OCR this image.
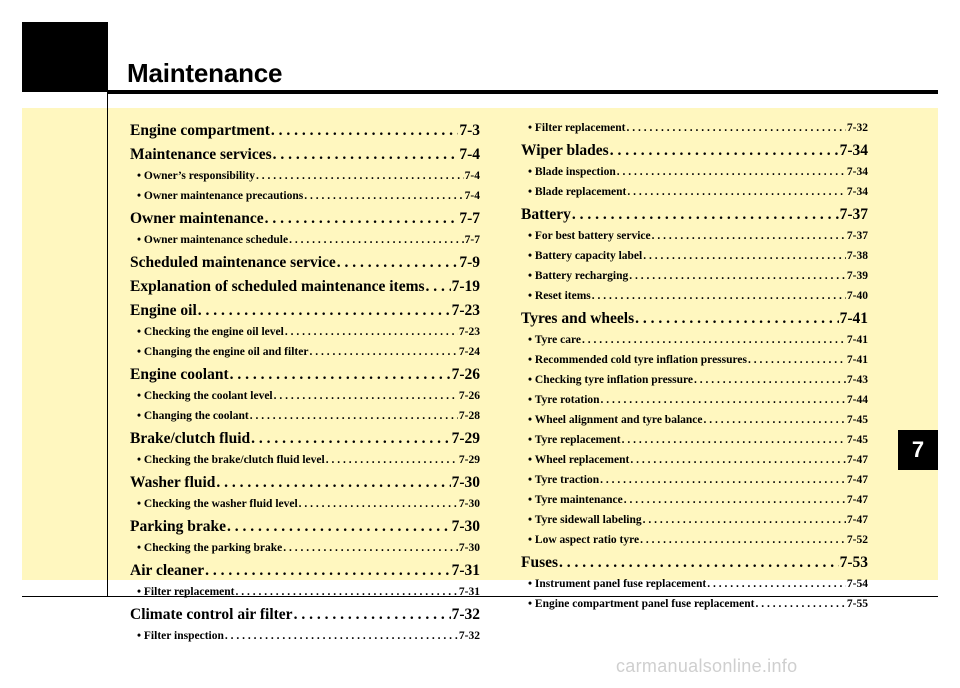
Maintenance
Engine compartment . . .	7-3
Maintenance services . . .	7-4
• Owner’s responsibility . . .	7-4
• Owner maintenance precautions . . .	7-4
Owner maintenance . . .	7-7
• Owner maintenance schedule . . .	7-7
Scheduled maintenance service . . .	7-9
Explanation of scheduled maintenance items . . . 7-19
Engine oil . . .	7-23
• Checking the engine oil level . . .	7-23
• Changing the engine oil and filter . . .	7-24
Engine coolant . . .	7-26
• Checking the coolant level . . .	7-26
• Changing the coolant . . .	7-28
Brake/clutch fluid . . .	7-29
• Checking the brake/clutch fluid level . . .	7-29
Washer fluid . . .	7-30
• Checking the washer fluid level . . .	7-30
Parking brake . . .	7-30
• Checking the parking brake . . .	7-30
Air cleaner . . .	7-31
• Filter replacement . . .	7-31
Climate control air filter . . .	7-32
• Filter inspection . . .	7-32
• Filter replacement . . .	7-32
Wiper blades . . .	7-34
• Blade inspection . . .	7-34
• Blade replacement . . .	7-34
Battery . . .	7-37
• For best battery service . . .	7-37
• Battery capacity label . . .	7-38
• Battery recharging . . .	7-39
• Reset items . . .	7-40
Tyres and wheels . . .	7-41
• Tyre care . . .	7-41
• Recommended cold tyre inflation pressures . . .	7-41
• Checking tyre inflation pressure . . .	7-43
• Tyre rotation . . .	7-44
• Wheel alignment and tyre balance . . .	7-45
• Tyre replacement . . .	7-45
• Wheel replacement . . .	7-47
• Tyre traction . . .	7-47
• Tyre maintenance . . .	7-47
• Tyre sidewall labeling . . .	7-47
• Low aspect ratio tyre . . .	7-52
Fuses . . .	7-53
• Instrument panel fuse replacement . . .	7-54
• Engine compartment panel fuse replacement . . .	7-55
7
carmanualsonline.info
